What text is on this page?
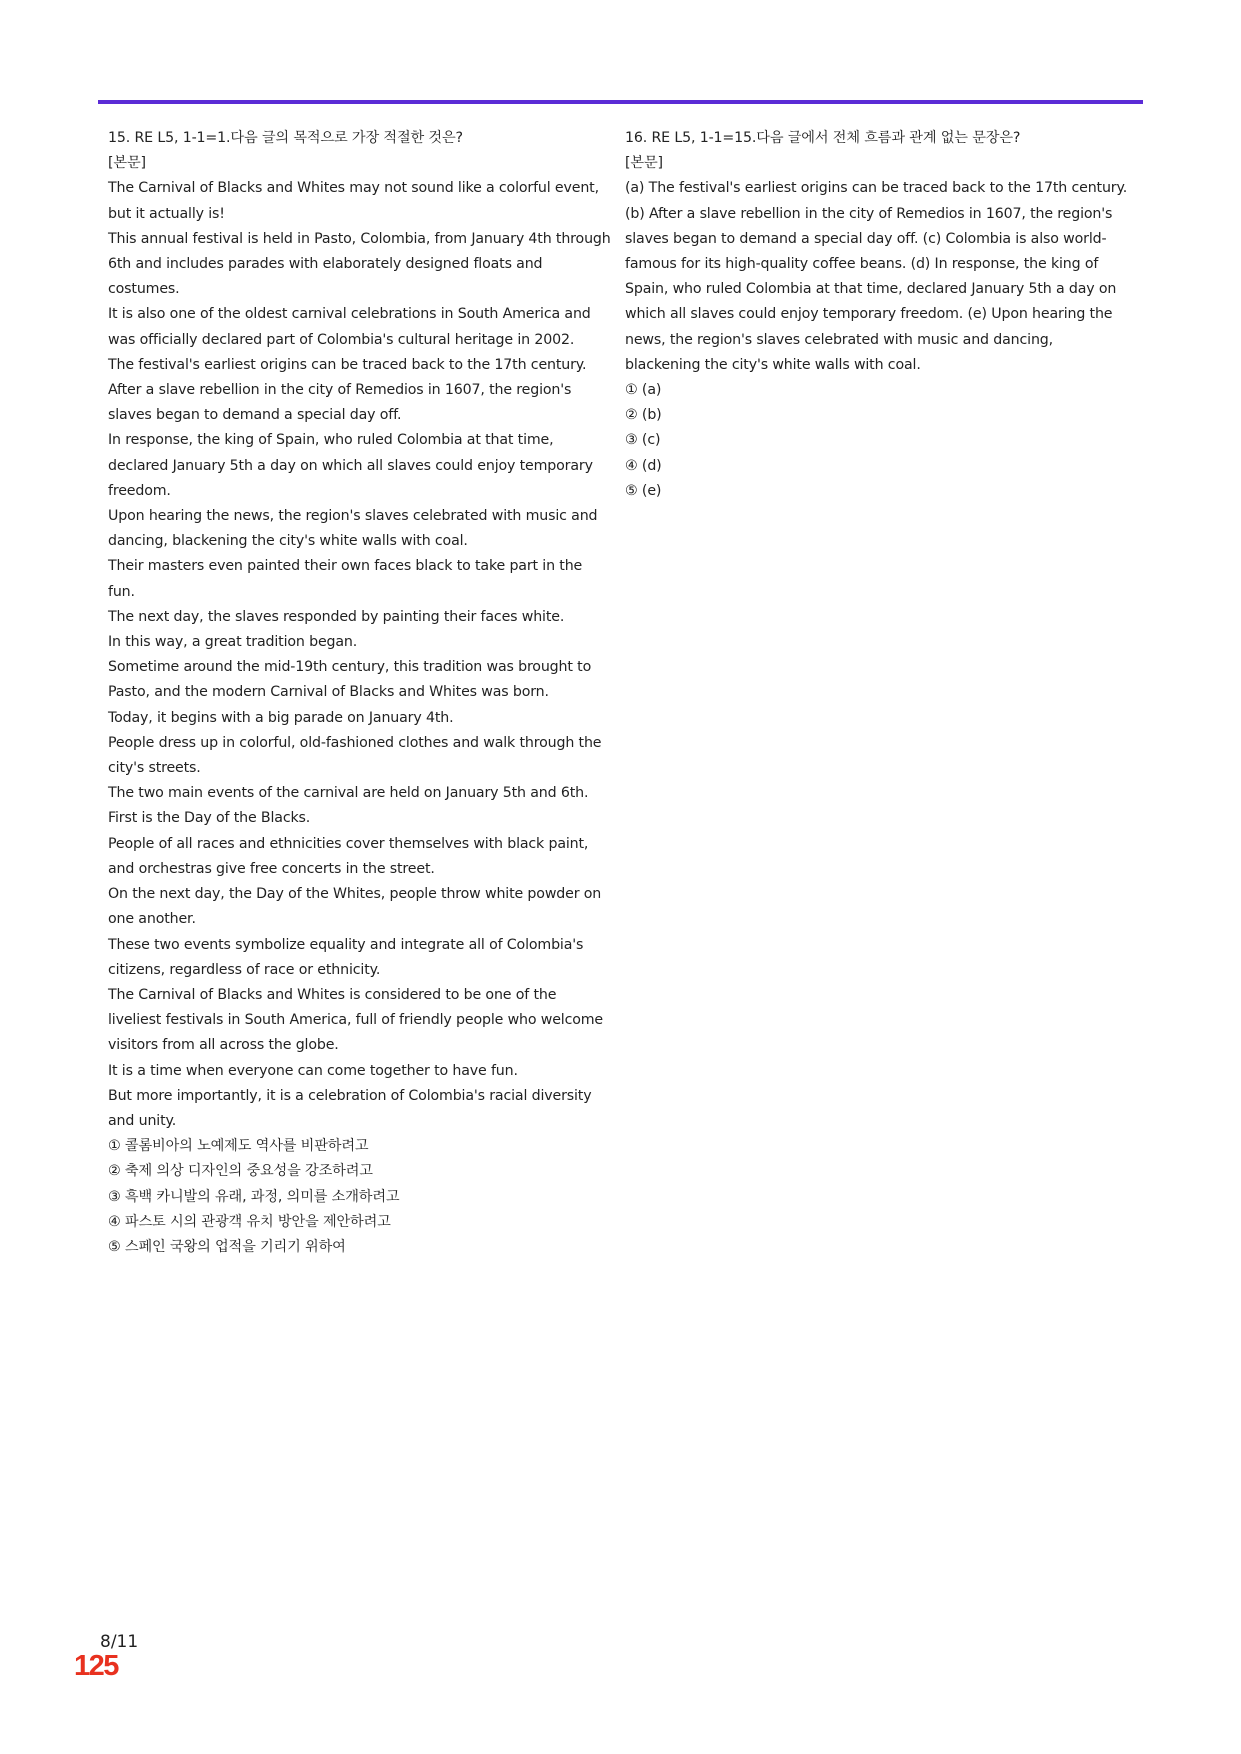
15. RE L5, 1-1=1.다음 글의 목적으로 가장 적절한 것은?

[본문]

The Carnival of Blacks and Whites may not sound like a colorful event, but it actually is!

This annual festival is held in Pasto, Colombia, from January 4th through 6th and includes parades with elaborately designed floats and costumes.

It is also one of the oldest carnival celebrations in South America and was officially declared part of Colombia's cultural heritage in 2002.

The festival's earliest origins can be traced back to the 17th century.

After a slave rebellion in the city of Remedios in 1607, the region's slaves began to demand a special day off.

In response, the king of Spain, who ruled Colombia at that time, declared January 5th a day on which all slaves could enjoy temporary freedom.

Upon hearing the news, the region's slaves celebrated with music and dancing, blackening the city's white walls with coal.

Their masters even painted their own faces black to take part in the fun.

The next day, the slaves responded by painting their faces white.

In this way, a great tradition began.

Sometime around the mid-19th century, this tradition was brought to Pasto, and the modern Carnival of Blacks and Whites was born.

Today, it begins with a big parade on January 4th.

People dress up in colorful, old-fashioned clothes and walk through the city's streets.

The two main events of the carnival are held on January 5th and 6th.

First is the Day of the Blacks.

People of all races and ethnicities cover themselves with black paint, and orchestras give free concerts in the street.

On the next day, the Day of the Whites, people throw white powder on one another.

These two events symbolize equality and integrate all of Colombia's citizens, regardless of race or ethnicity.

The Carnival of Blacks and Whites is considered to be one of the liveliest festivals in South America, full of friendly people who welcome visitors from all across the globe.

It is a time when everyone can come together to have fun.

But more importantly, it is a celebration of Colombia's racial diversity and unity.

① 콜롬비아의 노예제도 역사를 비판하려고

② 축제 의상 디자인의 중요성을 강조하려고

③ 흑백 카니발의 유래, 과정, 의미를 소개하려고

④ 파스토 시의 관광객 유치 방안을 제안하려고

⑤ 스페인 국왕의 업적을 기리기 위하여

16. RE L5, 1-1=15.다음 글에서 전체 흐름과 관계 없는 문장은?

[본문]

(a) The festival's earliest origins can be traced back to the 17th century. (b) After a slave rebellion in the city of Remedios in 1607, the region's slaves began to demand a special day off. (c) Colombia is also world-famous for its high-quality coffee beans. (d) In response, the king of Spain, who ruled Colombia at that time, declared January 5th a day on which all slaves could enjoy temporary freedom. (e) Upon hearing the news, the region's slaves celebrated with music and dancing, blackening the city's white walls with coal.

① (a)

② (b)

③ (c)

④ (d)

⑤ (e)

8/11
125
